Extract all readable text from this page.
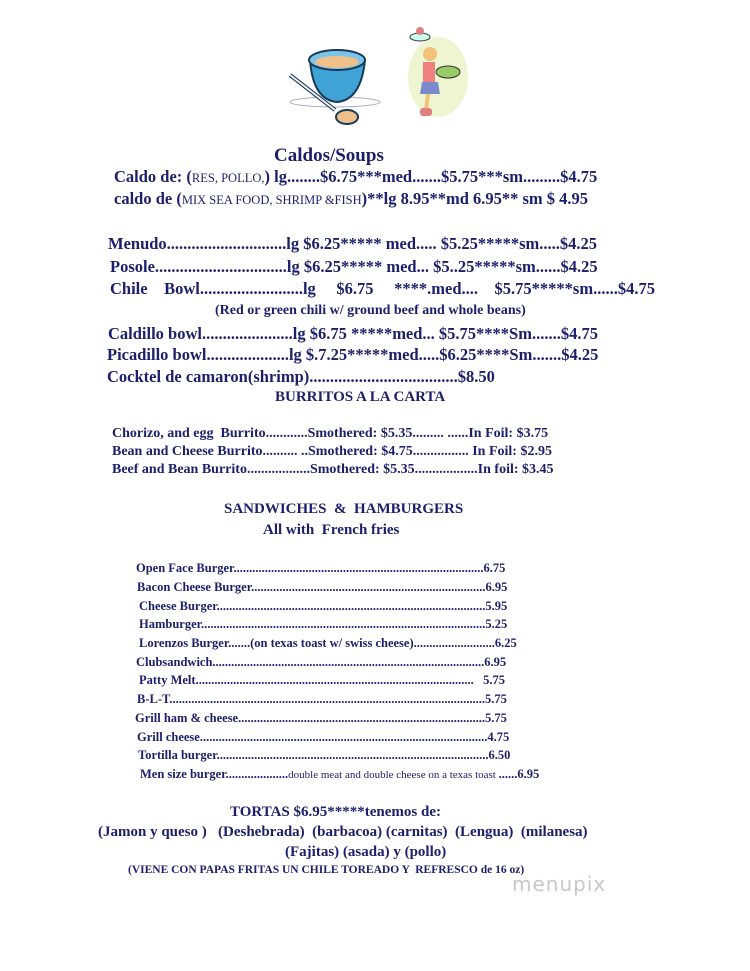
Caldos/Soups
Caldo de: (RES, POLLO,) lg........$6.75***med.......$5.75***sm.........$4.75
caldo de (MIX SEA FOOD, SHRIMP &FISH)**lg 8.95**md 6.95** sm $ 4.95
Menudo.............................lg $6.25***** med..... $5.25*****sm.....$4.25
Posole................................lg $6.25***** med... $5..25*****sm......$4.25
Chile    Bowl.........................lg     $6.75     ****.med....    $5.75*****sm......$4.75
(Red or green chili w/ ground beef and whole beans)
Caldillo bowl......................lg $6.75 *****med... $5.75****Sm.......$4.75
Picadillo bowl....................lg $.7.25*****med.....$6.25****Sm.......$4.25
Cocktel de camaron(shrimp)....................................$8.50
BURRITOS A LA CARTA
Chorizo, and egg  Burrito............Smothered: $5.35......... ......In Foil: $3.75
Bean and Cheese Burrito.......... ..Smothered: $4.75................ In Foil: $2.95
Beef and Bean Burrito..................Smothered: $5.35..................In foil: $3.45
SANDWICHES  &  HAMBURGERS
All with  French fries
Open Face Burger................................................................................6.75
Bacon Cheese Burger...........................................................................6.95
Cheese Burger......................................................................................5.95
Hamburger...........................................................................................5.25
Lorenzos Burger.......(on texas toast w/ swiss cheese)..........................6.25
Clubsandwich.......................................................................................6.95
Patty Melt.........................................................................................   5.75
B-L-T.....................................................................................................5.75
Grill ham & cheese...............................................................................5.75
Grill cheese............................................................................................4.75
Tortilla burger.......................................................................................6.50
Men size burger....................double meat and double cheese on a texas toast ......6.95
TORTAS $6.95*****tenemos de:
(Jamon y queso )   (Deshebrada)  (barbacoa) (carnitas)  (Lengua)  (milanesa)
(Fajitas) (asada) y (pollo)
(VIENE CON PAPAS FRITAS UN CHILE TOREADO Y  REFRESCO de 16 oz)
menupix
